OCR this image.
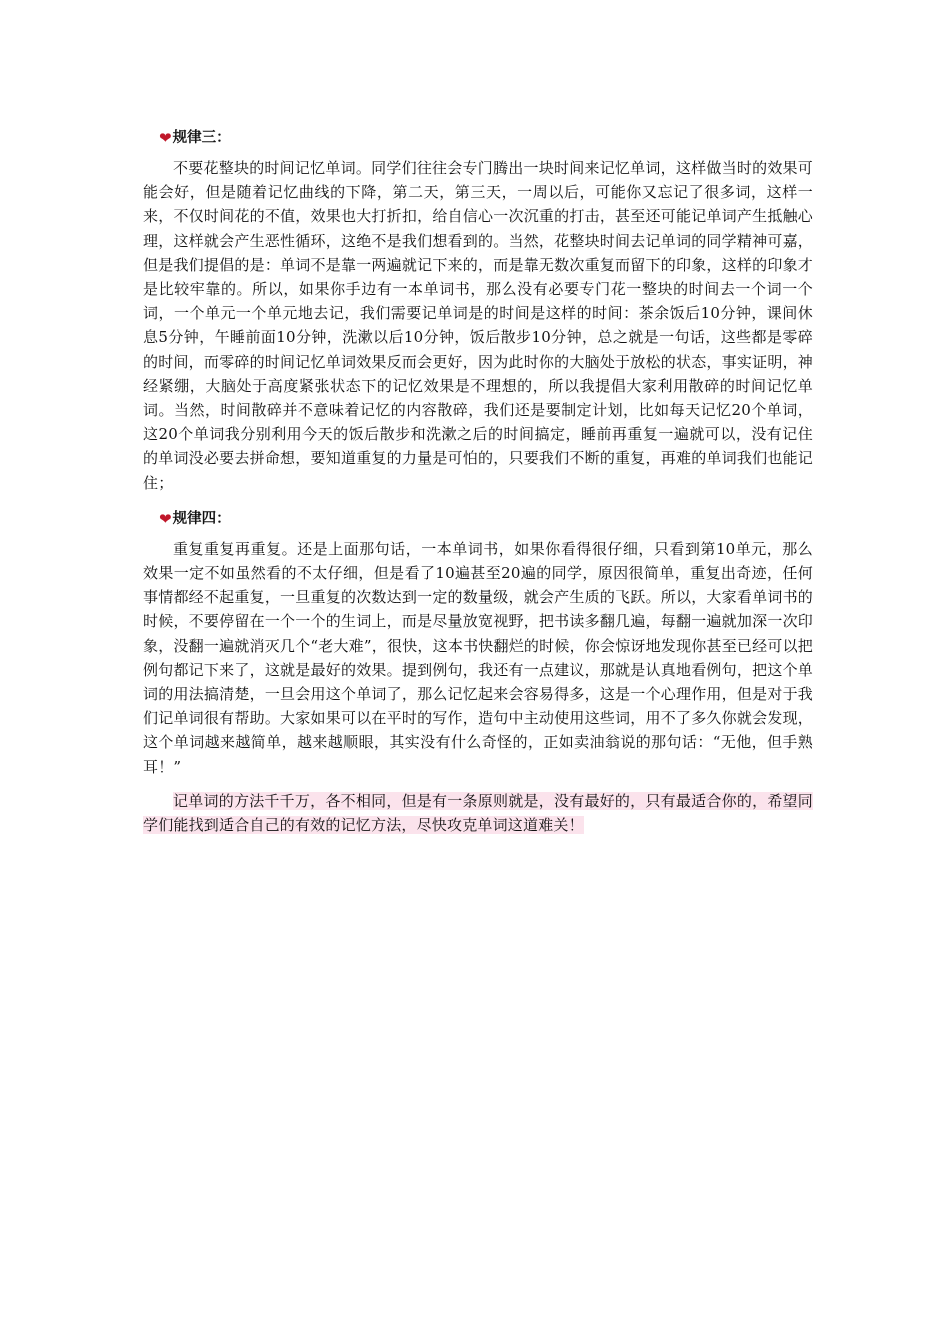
❤ 规律三：

不要花整块的时间记忆单词。同学们往往会专门腾出一块时间来记忆单词，这样做当时的效果可能会好，但是随着记忆曲线的下降，第二天，第三天，一周以后，可能你又忘记了很多词，这样一来，不仅时间花的不值，效果也大打折扣，给自信心一次沉重的打击，甚至还可能记单词产生抵触心理，这样就会产生恶性循环，这绝不是我们想看到的。当然，花整块时间去记单词的同学精神可嘉，但是我们提倡的是：单词不是靠一两遍就记下来的，而是靠无数次重复而留下的印象，这样的印象才是比较牢靠的。所以，如果你手边有一本单词书，那么没有必要专门花一整块的时间去一个词一个词，一个单元一个单元地去记，我们需要记单词是的时间是这样的时间：茶余饭后10分钟，课间休息5分钟，午睡前面10分钟，洗漱以后10分钟，饭后散步10分钟，总之就是一句话，这些都是零碎的时间，而零碎的时间记忆单词效果反而会更好，因为此时你的大脑处于放松的状态，事实证明，神经紧绷，大脑处于高度紧张状态下的记忆效果是不理想的，所以我提倡大家利用散碎的时间记忆单词。当然，时间散碎并不意味着记忆的内容散碎，我们还是要制定计划，比如每天记忆20个单词，这20个单词我分别利用今天的饭后散步和洗漱之后的时间搞定，睡前再重复一遍就可以，没有记住的单词没必要去拼命想，要知道重复的力量是可怕的，只要我们不断的重复，再难的单词我们也能记住；

❤ 规律四：

重复重复再重复。还是上面那句话，一本单词书，如果你看得很仔细，只看到第10单元，那么效果一定不如虽然看的不太仔细，但是看了10遍甚至20遍的同学，原因很简单，重复出奇迹，任何事情都经不起重复，一旦重复的次数达到一定的数量级，就会产生质的飞跃。所以，大家看单词书的时候，不要停留在一个一个的生词上，而是尽量放宽视野，把书读多翻几遍，每翻一遍就加深一次印象，没翻一遍就消灭几个“老大难”，很快，这本书快翻烂的时候，你会惊讶地发现你甚至已经可以把例句都记下来了，这就是最好的效果。提到例句，我还有一点建议，那就是认真地看例句，把这个单词的用法搞清楚，一旦会用这个单词了，那么记忆起来会容易得多，这是一个心理作用，但是对于我们记单词很有帮助。大家如果可以在平时的写作，造句中主动使用这些词，用不了多久你就会发现，这个单词越来越简单，越来越顺眼，其实没有什么奇怪的，正如卖油翁说的那句话：“无他，但手熟耳！”

记单词的方法千千万，各不相同，但是有一条原则就是，没有最好的，只有最适合你的，希望同学们能找到适合自己的有效的记忆方法，尽快攻克单词这道难关！
